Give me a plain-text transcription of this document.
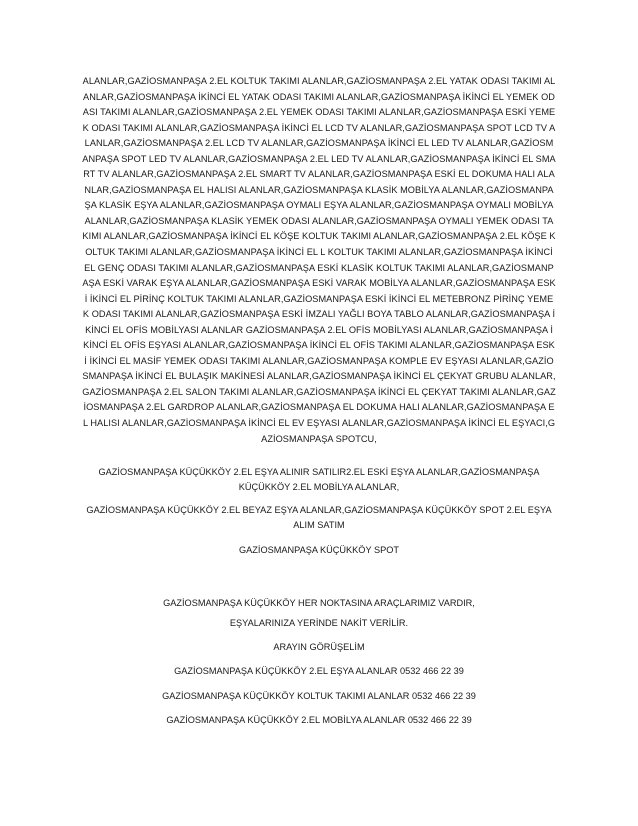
ALANLAR,GAZİOSMANPAŞA 2.EL KOLTUK TAKIMI ALANLAR,GAZİOSMANPAŞA 2.EL YATAK ODASI TAKIMI ALANLAR,GAZİOSMANPAŞA İKİNCİ EL YATAK ODASI TAKIMI ALANLAR,GAZİOSMANPAŞA İKİNCİ EL YEMEK ODASI TAKIMI ALANLAR,GAZİOSMANPAŞA 2.EL YEMEK ODASI TAKIMI ALANLAR,GAZİOSMANPAŞA ESKİ YEMEK ODASI TAKIMI ALANLAR,GAZİOSMANPAŞA İKİNCİ EL LCD TV ALANLAR,GAZİOSMANPAŞA SPOT LCD TV ALANLAR,GAZİOSMANPAŞA 2.EL LCD TV ALANLAR,GAZİOSMANPAŞA İKİNCİ EL LED TV ALANLAR,GAZİOSMANPAŞA SPOT LED TV ALANLAR,GAZİOSMANPAŞA 2.EL LED TV ALANLAR,GAZİOSMANPAŞA İKİNCİ EL SMART TV ALANLAR,GAZİOSMANPAŞA 2.EL SMART TV ALANLAR,GAZİOSMANPAŞA ESKİ EL DOKUMA HALI ALANLAR,GAZİOSMANPAŞA EL HALISI ALANLAR,GAZİOSMANPAŞA KLASİK MOBİLYA ALANLAR,GAZİOSMANPAŞA KLASİK EŞYA ALANLAR,GAZİOSMANPAŞA OYMALI EŞYA ALANLAR,GAZİOSMANPAŞA OYMALI MOBİLYA ALANLAR,GAZİOSMANPAŞA KLASİK YEMEK ODASI ALANLAR,GAZİOSMANPAŞA OYMALI YEMEK ODASI TAKIMI ALANLAR,GAZİOSMANPAŞA İKİNCİ EL KÖŞE KOLTUK TAKIMI ALANLAR,GAZİOSMANPAŞA 2.EL KÖŞE KOLTUK TAKIMI ALANLAR,GAZİOSMANPAŞA İKİNCİ EL L KOLTUK TAKIMI ALANLAR,GAZİOSMANPAŞA İKİNCİ EL GENÇ ODASI TAKIMI ALANLAR,GAZİOSMANPAŞA ESKİ KLASİK KOLTUK TAKIMI ALANLAR,GAZİOSMANPAŞA ESKİ VARAK EŞYA ALANLAR,GAZİOSMANPAŞA ESKİ VARAK MOBİLYA ALANLAR,GAZİOSMANPAŞA ESKİ İKİNCİ EL PİRİNÇ KOLTUK TAKIMI ALANLAR,GAZİOSMANPAŞA ESKİ İKİNCİ EL METEBRONZ PİRİNÇ YEMEK ODASI TAKIMI ALANLAR,GAZİOSMANPAŞA ESKİ İMZALI YAĞLI BOYA TABLO ALANLAR,GAZİOSMANPAŞA İKİNCİ EL OFİS MOBİLYASI ALANLAR GAZİOSMANPAŞA 2.EL OFİS MOBİLYASI ALANLAR,GAZİOSMANPAŞA İKİNCİ EL OFİS EŞYASI ALANLAR,GAZİOSMANPAŞA İKİNCİ EL OFİS TAKIMI ALANLAR,GAZİOSMANPAŞA ESKİ İKİNCİ EL MASİF YEMEK ODASI TAKIMI ALANLAR,GAZİOSMANPAŞA KOMPLE EV EŞYASI ALANLAR,GAZİOSMANPAŞA İKİNCİ EL BULAŞIK MAKİNESİ ALANLAR,GAZİOSMANPAŞA İKİNCİ EL ÇEKYAT GRUBU ALANLAR,GAZİOSMANPAŞA 2.EL SALON TAKIMI ALANLAR,GAZİOSMANPAŞA İKİNCİ EL ÇEKYAT TAKIMI ALANLAR,GAZİOSMANPAŞA 2.EL GARDROP ALANLAR,GAZİOSMANPAŞA EL DOKUMA HALI ALANLAR,GAZİOSMANPAŞA EL HALISI ALANLAR,GAZİOSMANPAŞA İKİNCİ EL EV EŞYASI ALANLAR,GAZİOSMANPAŞA İKİNCİ EL EŞYACI,GAZİOSMANPAŞA SPOTCU,

GAZİOSMANPAŞA KÜÇÜKKÖY 2.EL EŞYA ALINIR SATILIR2.EL ESKİ EŞYA ALANLAR,GAZİOSMANPAŞA KÜÇÜKKÖY 2.EL MOBİLYA ALANLAR,

GAZİOSMANPAŞA KÜÇÜKKÖY 2.EL BEYAZ EŞYA ALANLAR,GAZİOSMANPAŞA KÜÇÜKKÖY SPOT 2.EL EŞYA ALIM SATIM

GAZİOSMANPAŞA KÜÇÜKKÖY SPOT

GAZİOSMANPAŞA KÜÇÜKKÖY HER NOKTASINA ARAÇLARIMIZ VARDIR,

EŞYALARINIZA YERİNDE NAKİT VERİLİR.

ARAYIN GÖRÜŞELİM

GAZİOSMANPAŞA KÜÇÜKKÖY 2.EL EŞYA ALANLAR 0532 466 22 39

GAZİOSMANPAŞA KÜÇÜKKÖY KOLTUK TAKIMI ALANLAR 0532 466 22 39

GAZİOSMANPAŞA KÜÇÜKKÖY 2.EL MOBİLYA ALANLAR 0532 466 22 39
